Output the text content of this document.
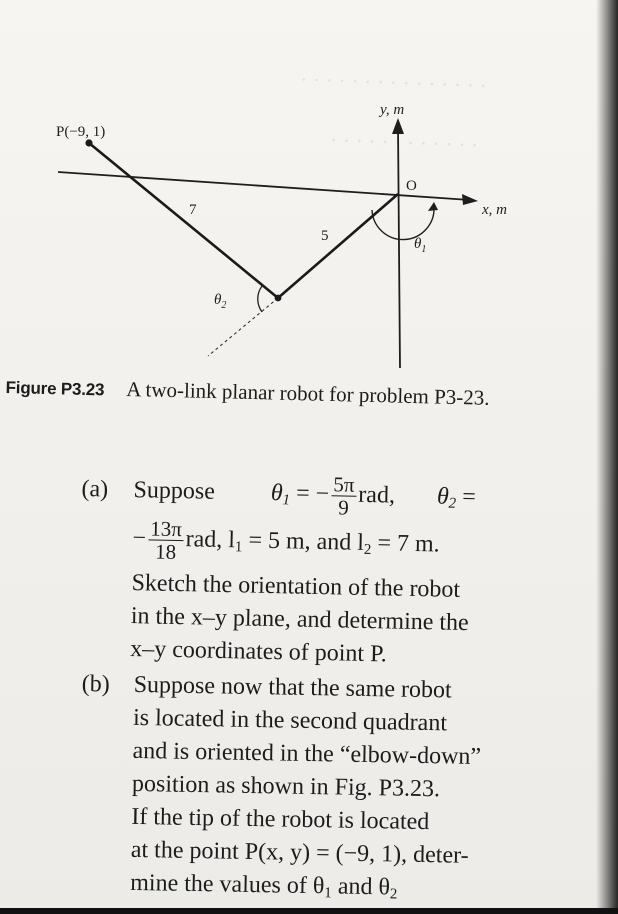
· · · · · · · · · · · · · · ·
· · · · · · · · · · · ·
P(−9, 1)
y, m
x, m
O
7
5	$\theta_1$
$\theta_2$
Figure P3.23 A two-link planar robot for problem P3-23.
(a) Suppose $\theta_1$ = − $\frac{5\pi}{9}$ rad, $\theta_2$ =
− $\frac{13\pi}{18}$ rad, $l_1 = 5$ m, and $l_2 = 7$ m.
Sketch the orientation of the robot
in the x–y plane, and determine the
x–y coordinates of point P.
(b) Suppose now that the same robot
is located in the second quadrant
and is oriented in the “elbow-down”
position as shown in Fig. P3.23.
If the tip of the robot is located
at the point P(x, y) = (−9, 1), deter-
mine the values of $\theta_1$ and $\theta_2$
